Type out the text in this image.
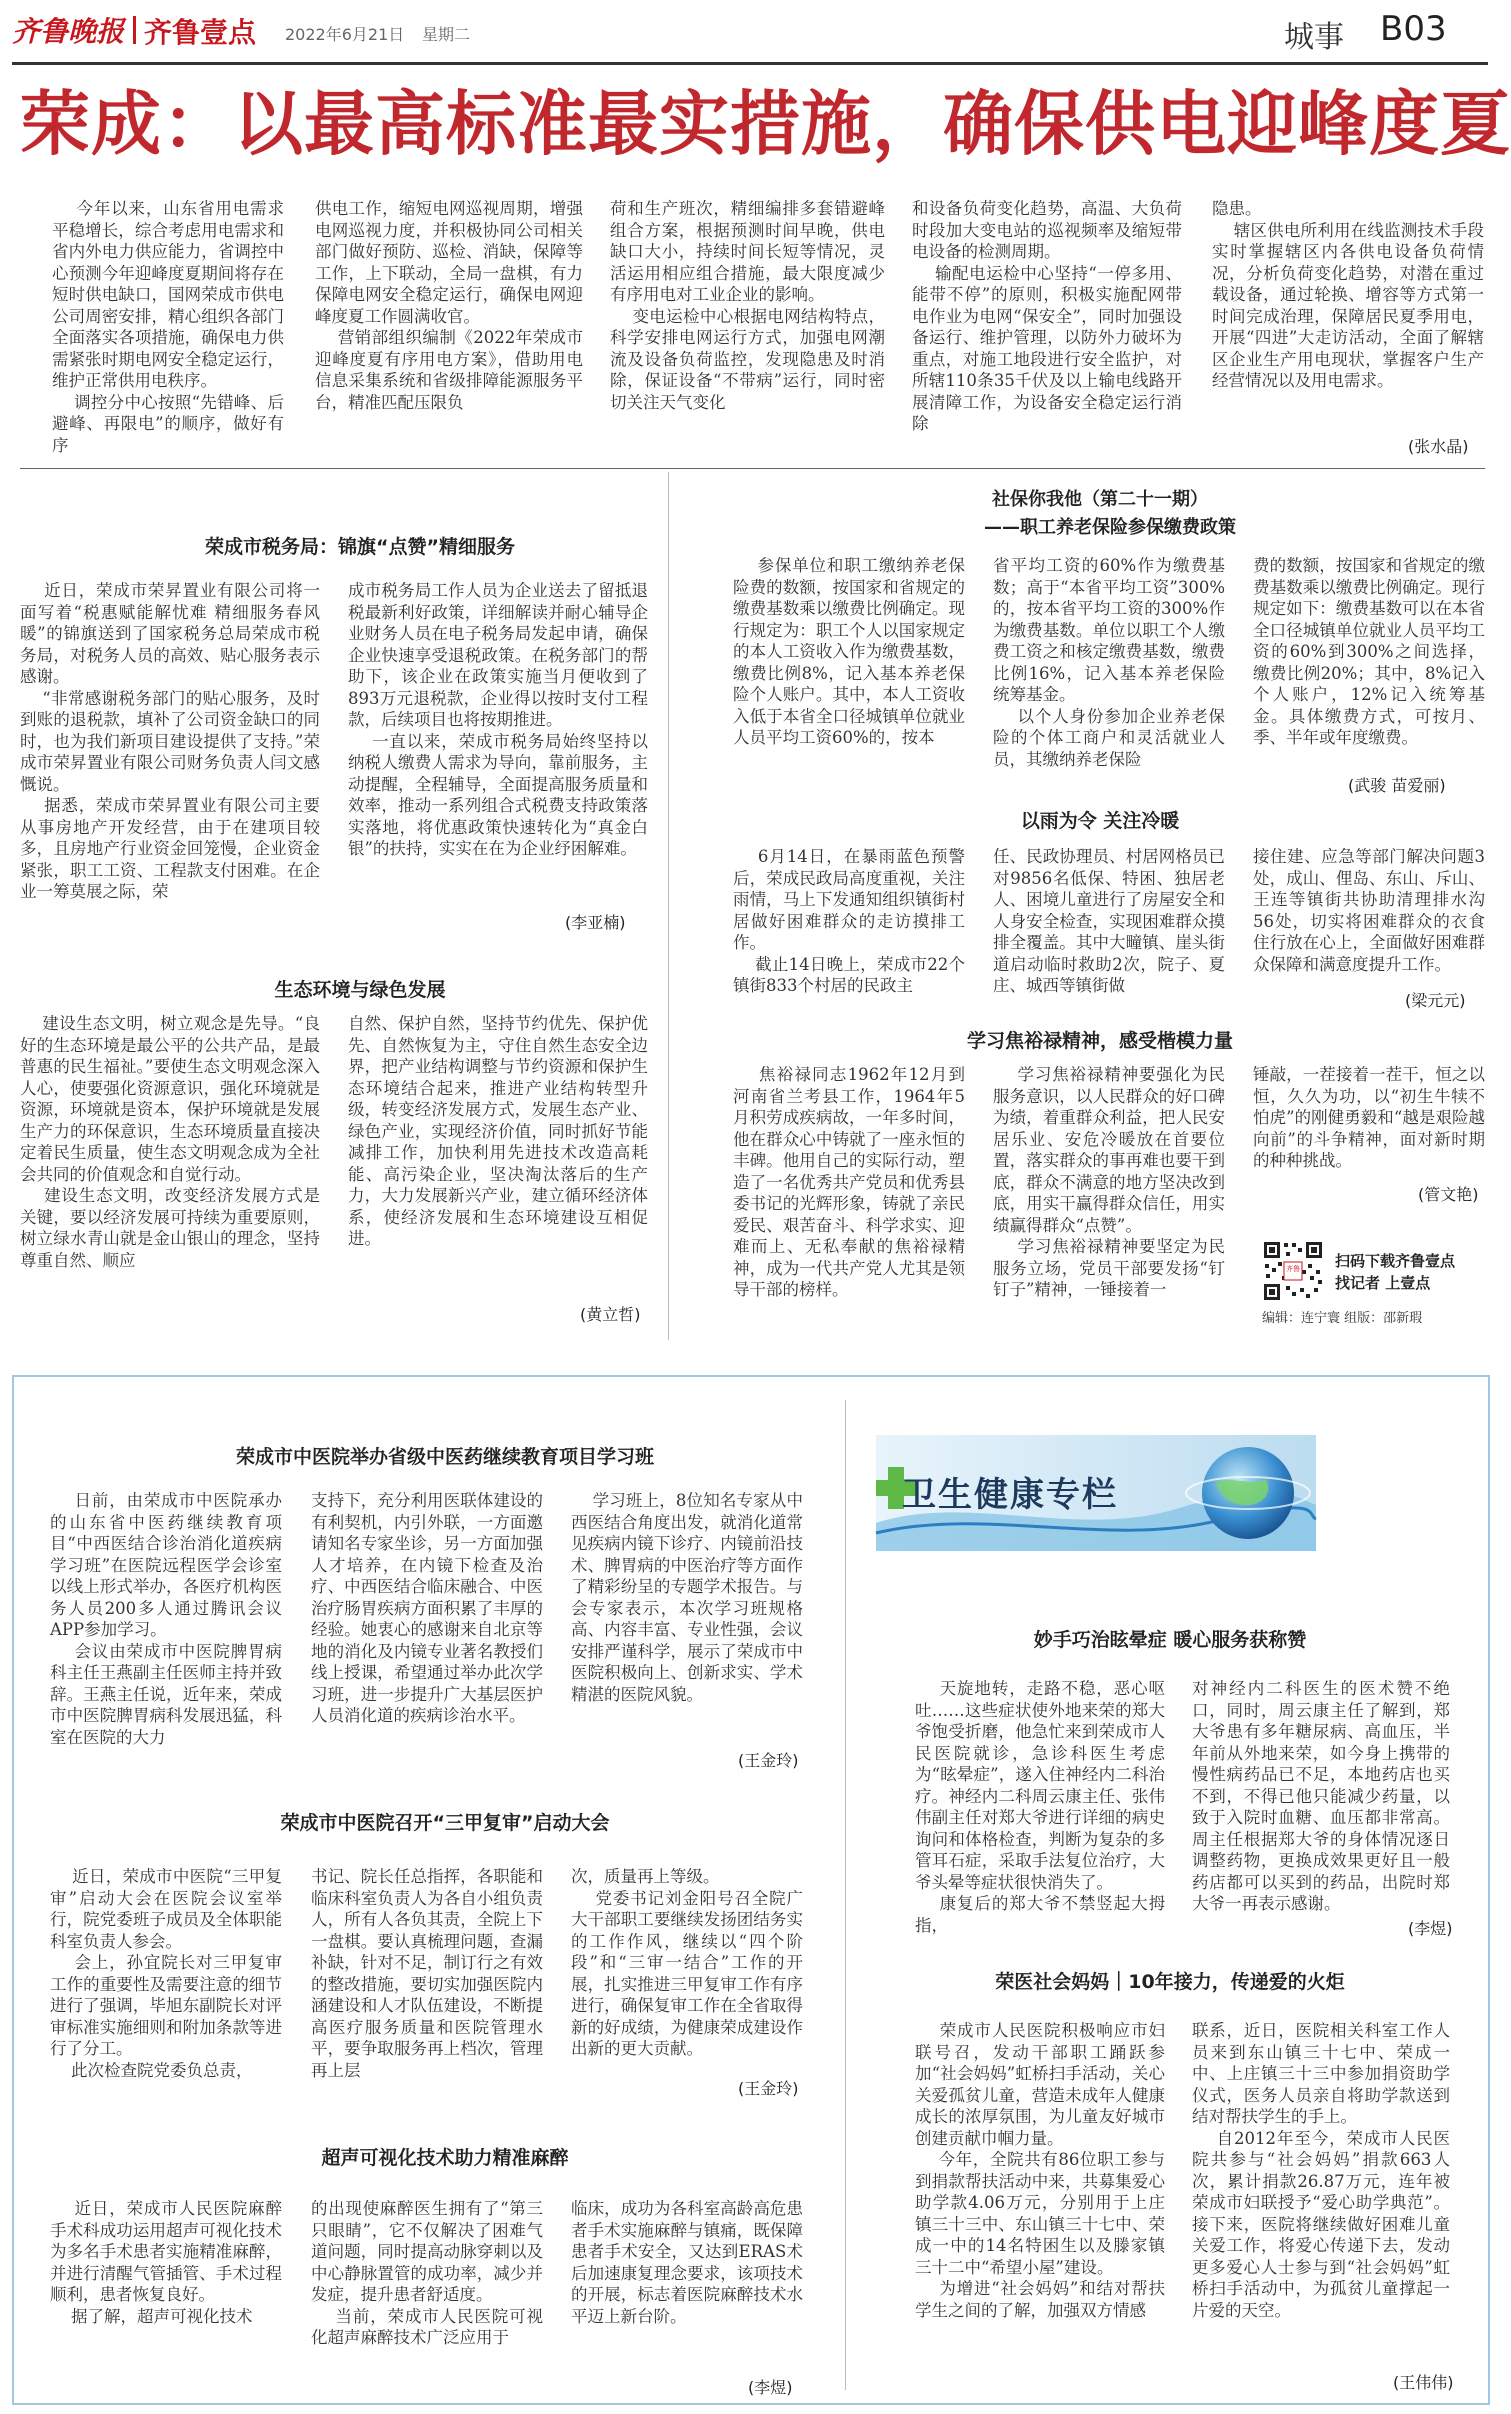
齐鲁晚报 齐鲁壹点 2022年6月21日 星期二	城事 B03
荣成：以最高标准最实措施，确保供电迎峰度夏
今年以来，山东省用电需求平稳增长，综合考虑用电需求和省内外电力供应能力，省调控中心预测今年迎峰度夏期间将存在短时供电缺口，国网荣成市供电公司周密安排，精心组织各部门全面落实各项措施，确保电力供需紧张时期电网安全稳定运行，维护正常供用电秩序。
调控分中心按照“先错峰、后避峰、再限电”的顺序，做好有序
供电工作，缩短电网巡视周期，增强电网巡视力度，并积极协同公司相关部门做好预防、巡检、消缺，保障等工作，上下联动，全局一盘棋，有力保障电网安全稳定运行，确保电网迎峰度夏工作圆满收官。
营销部组织编制《2022年荣成市迎峰度夏有序用电方案》，借助用电信息采集系统和省级排障能源服务平台，精准匹配压限负
荷和生产班次，精细编排多套错避峰组合方案，根据预测时间早晚，供电缺口大小，持续时间长短等情况，灵活运用相应组合措施，最大限度减少有序用电对工业企业的影响。
变电运检中心根据电网结构特点，科学安排电网运行方式，加强电网潮流及设备负荷监控，发现隐患及时消除，保证设备“不带病”运行，同时密切关注天气变化
和设备负荷变化趋势，高温、大负荷时段加大变电站的巡视频率及缩短带电设备的检测周期。
输配电运检中心坚持“一停多用、能带不停”的原则，积极实施配网带电作业为电网“保安全”，同时加强设备运行、维护管理，以防外力破坏为重点，对施工地段进行安全监护，对所辖110条35千伏及以上输电线路开展清障工作，为设备安全稳定运行消除
隐患。
辖区供电所利用在线监测技术手段实时掌握辖区内各供电设备负荷情况，分析负荷变化趋势，对潜在重过载设备，通过轮换、增容等方式第一时间完成治理，保障居民夏季用电，开展“四进”大走访活动，全面了解辖区企业生产用电现状，掌握客户生产经营情况以及用电需求。
(张水晶)
荣成市税务局：锦旗“点赞”精细服务
近日，荣成市荣昇置业有限公司将一面写着“税惠赋能解忧难 精细服务春风暖”的锦旗送到了国家税务总局荣成市税务局，对税务人员的高效、贴心服务表示感谢。
“非常感谢税务部门的贴心服务，及时到账的退税款，填补了公司资金缺口的同时，也为我们新项目建设提供了支持。”荣成市荣昇置业有限公司财务负责人闫文感慨说。
据悉，荣成市荣昇置业有限公司主要从事房地产开发经营，由于在建项目较多，且房地产行业资金回笼慢，企业资金紧张，职工工资、工程款支付困难。在企业一筹莫展之际，荣
成市税务局工作人员为企业送去了留抵退税最新利好政策，详细解读并耐心辅导企业财务人员在电子税务局发起申请，确保企业快速享受退税政策。在税务部门的帮助下，该企业在政策实施当月便收到了893万元退税款，企业得以按时支付工程款，后续项目也将按期推进。
一直以来，荣成市税务局始终坚持以纳税人缴费人需求为导向，靠前服务，主动提醒，全程辅导，全面提高服务质量和效率，推动一系列组合式税费支持政策落实落地，将优惠政策快速转化为“真金白银”的扶持，实实在在为企业纾困解难。
(李亚楠)
生态环境与绿色发展
建设生态文明，树立观念是先导。“良好的生态环境是最公平的公共产品，是最普惠的民生福祉。”要使生态文明观念深入人心，使要强化资源意识，强化环境就是资源，环境就是资本，保护环境就是发展生产力的环保意识，生态环境质量直接决定着民生质量，使生态文明观念成为全社会共同的价值观念和自觉行动。
建设生态文明，改变经济发展方式是关键，要以经济发展可持续为重要原则，树立绿水青山就是金山银山的理念，坚持尊重自然、顺应
自然、保护自然，坚持节约优先、保护优先、自然恢复为主，守住自然生态安全边界，把产业结构调整与节约资源和保护生态环境结合起来，推进产业结构转型升级，转变经济发展方式，发展生态产业、绿色产业，实现经济价值，同时抓好节能减排工作，加快利用先进技术改造高耗能、高污染企业，坚决淘汰落后的生产力，大力发展新兴产业，建立循环经济体系，使经济发展和生态环境建设互相促进。
(黄立哲)
社保你我他（第二十一期）
——职工养老保险参保缴费政策
参保单位和职工缴纳养老保险费的数额，按国家和省规定的缴费基数乘以缴费比例确定。现行规定为：职工个人以国家规定的本人工资收入作为缴费基数，缴费比例8%，记入基本养老保险个人账户。其中，本人工资收入低于本省全口径城镇单位就业人员平均工资60%的，按本
省平均工资的60%作为缴费基数；高于“本省平均工资”300%的，按本省平均工资的300%作为缴费基数。单位以职工个人缴费工资之和核定缴费基数，缴费比例16%，记入基本养老保险统筹基金。
以个人身份参加企业养老保险的个体工商户和灵活就业人员，其缴纳养老保险
费的数额，按国家和省规定的缴费基数乘以缴费比例确定。现行规定如下：缴费基数可以在本省全口径城镇单位就业人员平均工资的60%到300%之间选择，缴费比例20%；其中，8%记入个人账户，12%记入统筹基金。具体缴费方式，可按月、季、半年或年度缴费。
(武骏 苗爱丽)
以雨为令 关注冷暖
6月14日，在暴雨蓝色预警后，荣成民政局高度重视，关注雨情，马上下发通知组织镇街村居做好困难群众的走访摸排工作。
截止14日晚上，荣成市22个镇街833个村居的民政主
任、民政协理员、村居网格员已对9856名低保、特困、独居老人、困境儿童进行了房屋安全和人身安全检查，实现困难群众摸排全覆盖。其中大疃镇、崖头街道启动临时救助2次，院子、夏庄、城西等镇街做
接住建、应急等部门解决问题3处，成山、俚岛、东山、斥山、王连等镇街共协助清理排水沟56处，切实将困难群众的衣食住行放在心上，全面做好困难群众保障和满意度提升工作。
(梁元元)
学习焦裕禄精神，感受楷模力量
焦裕禄同志1962年12月到河南省兰考县工作，1964年5月积劳成疾病故，一年多时间，他在群众心中铸就了一座永恒的丰碑。他用自己的实际行动，塑造了一名优秀共产党员和优秀县委书记的光辉形象，铸就了亲民爱民、艰苦奋斗、科学求实、迎难而上、无私奉献的焦裕禄精神，成为一代共产党人尤其是领导干部的榜样。
学习焦裕禄精神要强化为民服务意识，以人民群众的好口碑为绩，着重群众利益，把人民安居乐业、安危冷暖放在首要位置，落实群众的事再难也要干到底，群众不满意的地方坚决改到底，用实干赢得群众信任，用实绩赢得群众“点赞”。
学习焦裕禄精神要坚定为民服务立场，党员干部要发扬“钉钉子”精神，一锤接着一
锤敲，一茬接着一茬干，恒之以恒，久久为功，以“初生牛犊不怕虎”的刚健勇毅和“越是艰险越向前”的斗争精神，面对新时期的种种挑战。
(管文艳)
齐鲁 扫码下载齐鲁壹点
找记者 上壹点
编辑：连宁寰 组版：邵新瑕
荣成市中医院举办省级中医药继续教育项目学习班
日前，由荣成市中医院承办的山东省中医药继续教育项目“中西医结合诊治消化道疾病学习班”在医院远程医学会诊室以线上形式举办，各医疗机构医务人员200多人通过腾讯会议APP参加学习。
会议由荣成市中医院脾胃病科主任王燕副主任医师主持并致辞。王燕主任说，近年来，荣成市中医院脾胃病科发展迅猛，科室在医院的大力
支持下，充分利用医联体建设的有利契机，内引外联，一方面邀请知名专家坐诊，另一方面加强人才培养，在内镜下检查及治疗、中西医结合临床融合、中医治疗肠胃疾病方面积累了丰厚的经验。她衷心的感谢来自北京等地的消化及内镜专业著名教授们线上授课，希望通过举办此次学习班，进一步提升广大基层医护人员消化道的疾病诊治水平。
学习班上，8位知名专家从中西医结合角度出发，就消化道常见疾病内镜下诊疗、内镜前沿技术、脾胃病的中医治疗等方面作了精彩纷呈的专题学术报告。与会专家表示，本次学习班规格高、内容丰富、专业性强，会议安排严谨科学，展示了荣成市中医院积极向上、创新求实、学术精湛的医院风貌。
(王金玲)
荣成市中医院召开“三甲复审”启动大会
近日，荣成市中医院“三甲复审”启动大会在医院会议室举行，院党委班子成员及全体职能科室负责人参会。
会上，孙宜院长对三甲复审工作的重要性及需要注意的细节进行了强调，毕旭东副院长对评审标准实施细则和附加条款等进行了分工。
此次检查院党委负总责，
书记、院长任总指挥，各职能和临床科室负责人为各自小组负责人，所有人各负其责，全院上下一盘棋。要认真梳理问题，查漏补缺，针对不足，制订行之有效的整改措施，要切实加强医院内涵建设和人才队伍建设，不断提高医疗服务质量和医院管理水平，要争取服务再上档次，管理再上层
次，质量再上等级。
党委书记刘金阳号召全院广大干部职工要继续发扬团结务实的工作作风，继续以“四个阶段”和“三审一结合”工作的开展，扎实推进三甲复审工作有序进行，确保复审工作在全省取得新的好成绩，为健康荣成建设作出新的更大贡献。
(王金玲)
超声可视化技术助力精准麻醉
近日，荣成市人民医院麻醉手术科成功运用超声可视化技术为多名手术患者实施精准麻醉，并进行清醒气管插管、手术过程顺利，患者恢复良好。
据了解，超声可视化技术
的出现使麻醉医生拥有了“第三只眼睛”，它不仅解决了困难气道问题，同时提高动脉穿刺以及中心静脉置管的成功率，减少并发症，提升患者舒适度。
当前，荣成市人民医院可视化超声麻醉技术广泛应用于
临床，成功为各科室高龄高危患者手术实施麻醉与镇痛，既保障患者手术安全，又达到ERAS术后加速康复理念要求，该项技术的开展，标志着医院麻醉技术水平迈上新台阶。
(李煜)
卫生健康专栏
妙手巧治眩晕症 暖心服务获称赞
天旋地转，走路不稳，恶心呕吐……这些症状使外地来荣的郑大爷饱受折磨，他急忙来到荣成市人民医院就诊，急诊科医生考虑为“眩晕症”，遂入住神经内二科治疗。神经内二科周云康主任、张伟伟副主任对郑大爷进行详细的病史询问和体格检查，判断为复杂的多管耳石症，采取手法复位治疗，大爷头晕等症状很快消失了。
康复后的郑大爷不禁竖起大拇指，
对神经内二科医生的医术赞不绝口，同时，周云康主任了解到，郑大爷患有多年糖尿病、高血压，半年前从外地来荣，如今身上携带的慢性病药品已不足，本地药店也买不到，不得已他只能减少药量，以致于入院时血糖、血压都非常高。周主任根据郑大爷的身体情况逐日调整药物，更换成效果更好且一般药店都可以买到的药品，出院时郑大爷一再表示感谢。
(李煜)
荣医社会妈妈｜10年接力，传递爱的火炬
荣成市人民医院积极响应市妇联号召，发动干部职工踊跃参加“社会妈妈”虹桥扫手活动，关心关爱孤贫儿童，营造未成年人健康成长的浓厚氛围，为儿童友好城市创建贡献巾帼力量。
今年，全院共有86位职工参与到捐款帮扶活动中来，共募集爱心助学款4.06万元，分别用于上庄镇三十三中、东山镇三十七中、荣成一中的14名特困生以及滕家镇三十二中“希望小屋”建设。
为增进“社会妈妈”和结对帮扶学生之间的了解，加强双方情感
联系，近日，医院相关科室工作人员来到东山镇三十七中、荣成一中、上庄镇三十三中参加捐资助学仪式，医务人员亲自将助学款送到结对帮扶学生的手上。
自2012年至今，荣成市人民医院共参与“社会妈妈”捐款663人次，累计捐款26.87万元，连年被荣成市妇联授予“爱心助学典范”。接下来，医院将继续做好困难儿童关爱工作，将爱心传递下去，发动更多爱心人士参与到“社会妈妈”虹桥扫手活动中，为孤贫儿童撑起一片爱的天空。
(王伟伟)
